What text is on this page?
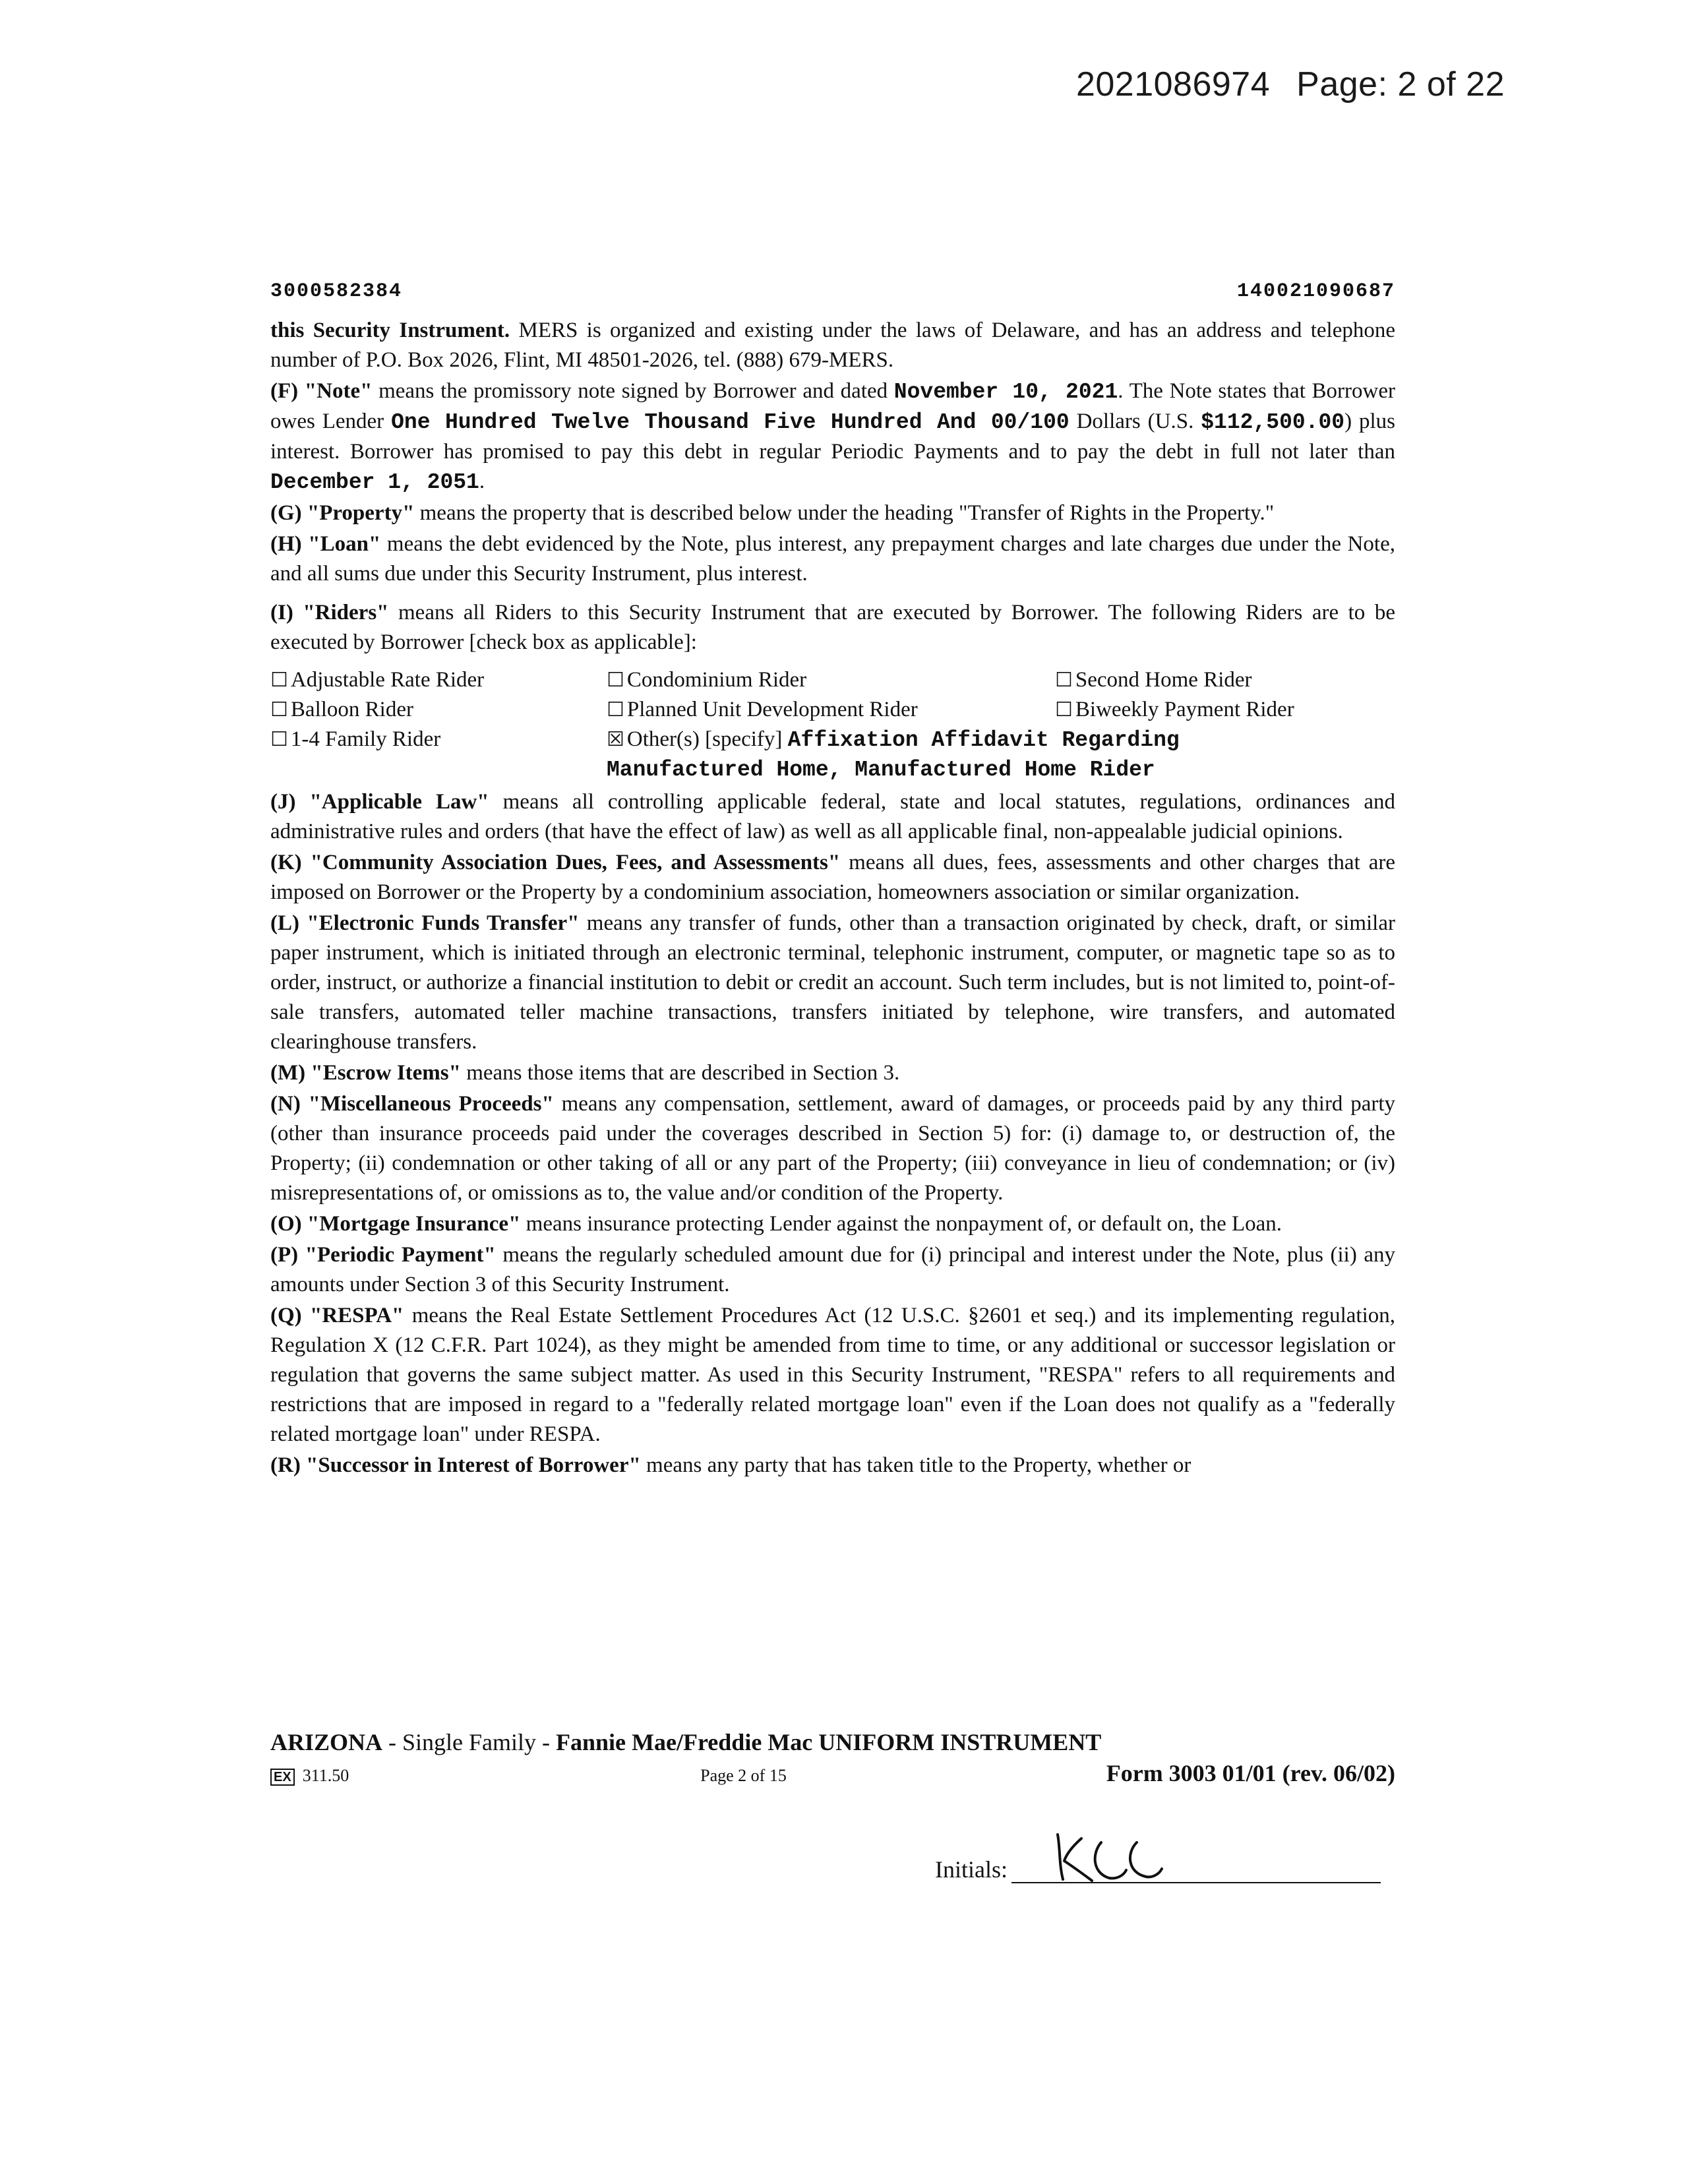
2021086974 Page: 2 of 22
3000582384	140021090687

this Security Instrument. MERS is organized and existing under the laws of Delaware, and has an address and telephone number of P.O. Box 2026, Flint, MI 48501-2026, tel. (888) 679-MERS.

(F) "Note" means the promissory note signed by Borrower and dated November 10, 2021. The Note states that Borrower owes Lender One Hundred Twelve Thousand Five Hundred And 00/100 Dollars (U.S. $112,500.00) plus interest. Borrower has promised to pay this debt in regular Periodic Payments and to pay the debt in full not later than December 1, 2051.

(G) "Property" means the property that is described below under the heading "Transfer of Rights in the Property."

(H) "Loan" means the debt evidenced by the Note, plus interest, any prepayment charges and late charges due under the Note, and all sums due under this Security Instrument, plus interest.

(I) "Riders" means all Riders to this Security Instrument that are executed by Borrower. The following Riders are to be executed by Borrower [check box as applicable]:

☐ Adjustable Rate Rider	☐ Condominium Rider	☐ Second Home Rider
☐ Balloon Rider	☐ Planned Unit Development Rider	☐ Biweekly Payment Rider
☐ 1-4 Family Rider	☒ Other(s) [specify] Affixation Affidavit Regarding
Manufactured Home, Manufactured Home Rider

(J) "Applicable Law" means all controlling applicable federal, state and local statutes, regulations, ordinances and administrative rules and orders (that have the effect of law) as well as all applicable final, non-appealable judicial opinions.

(K) "Community Association Dues, Fees, and Assessments" means all dues, fees, assessments and other charges that are imposed on Borrower or the Property by a condominium association, homeowners association or similar organization.

(L) "Electronic Funds Transfer" means any transfer of funds, other than a transaction originated by check, draft, or similar paper instrument, which is initiated through an electronic terminal, telephonic instrument, computer, or magnetic tape so as to order, instruct, or authorize a financial institution to debit or credit an account. Such term includes, but is not limited to, point-of-sale transfers, automated teller machine transactions, transfers initiated by telephone, wire transfers, and automated clearinghouse transfers.

(M) "Escrow Items" means those items that are described in Section 3.

(N) "Miscellaneous Proceeds" means any compensation, settlement, award of damages, or proceeds paid by any third party (other than insurance proceeds paid under the coverages described in Section 5) for: (i) damage to, or destruction of, the Property; (ii) condemnation or other taking of all or any part of the Property; (iii) conveyance in lieu of condemnation; or (iv) misrepresentations of, or omissions as to, the value and/or condition of the Property.

(O) "Mortgage Insurance" means insurance protecting Lender against the nonpayment of, or default on, the Loan.

(P) "Periodic Payment" means the regularly scheduled amount due for (i) principal and interest under the Note, plus (ii) any amounts under Section 3 of this Security Instrument.

(Q) "RESPA" means the Real Estate Settlement Procedures Act (12 U.S.C. §2601 et seq.) and its implementing regulation, Regulation X (12 C.F.R. Part 1024), as they might be amended from time to time, or any additional or successor legislation or regulation that governs the same subject matter. As used in this Security Instrument, "RESPA" refers to all requirements and restrictions that are imposed in regard to a "federally related mortgage loan" even if the Loan does not qualify as a "federally related mortgage loan" under RESPA.

(R) "Successor in Interest of Borrower" means any party that has taken title to the Property, whether or

ARIZONA - Single Family - Fannie Mae/Freddie Mac UNIFORM INSTRUMENT
EX 311.50	Page 2 of 15	Form 3003 01/01 (rev. 06/02)
Initials:
